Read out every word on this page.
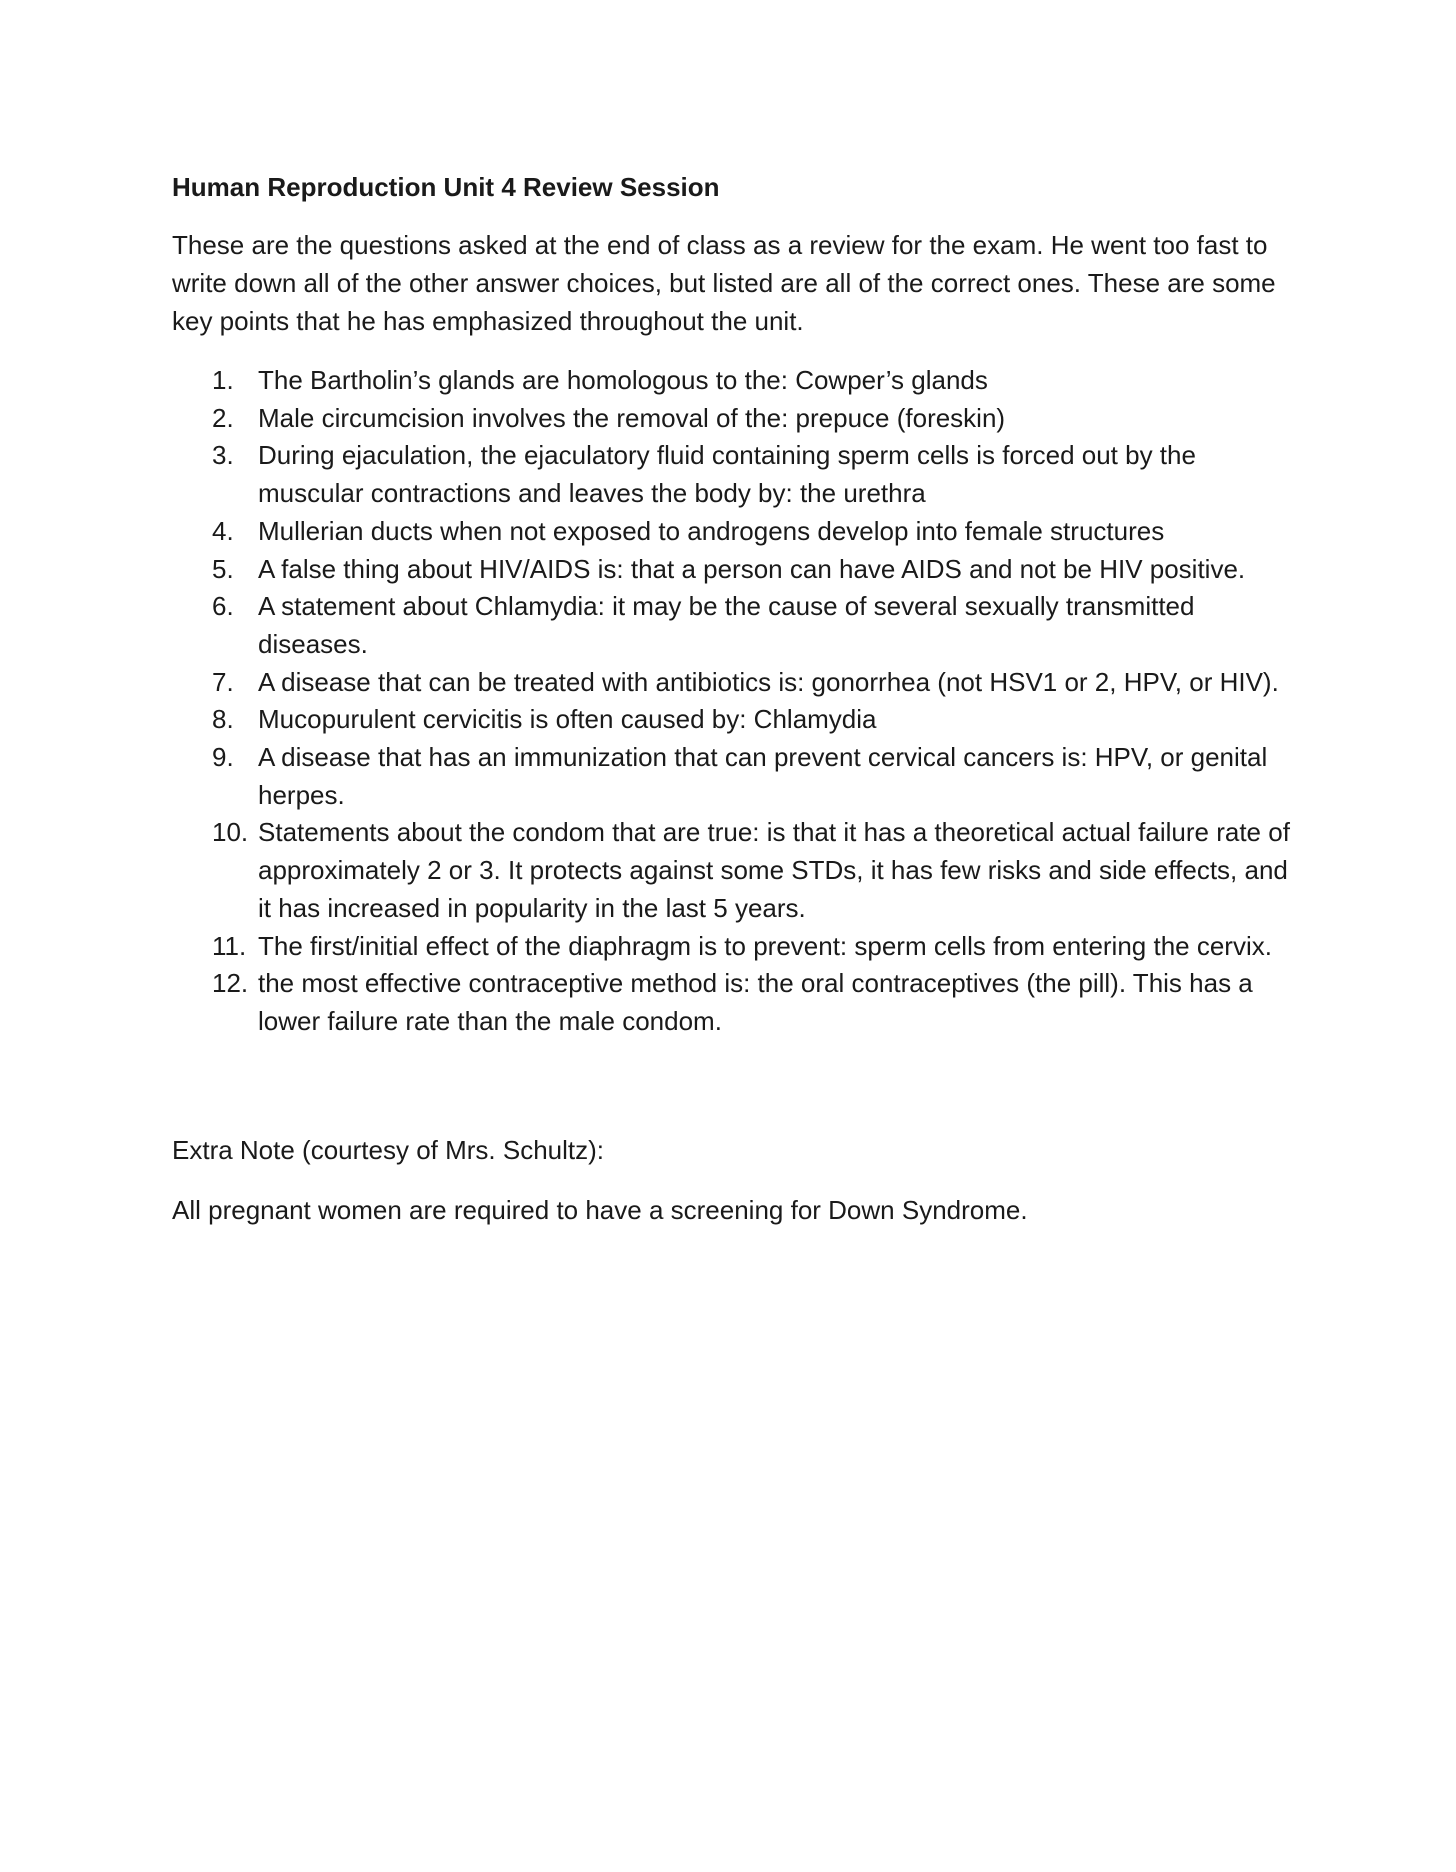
Human Reproduction Unit 4 Review Session
These are the questions asked at the end of class as a review for the exam. He went too fast to write down all of the other answer choices, but listed are all of the correct ones. These are some key points that he has emphasized throughout the unit.
1. The Bartholin’s glands are homologous to the: Cowper’s glands
2. Male circumcision involves the removal of the: prepuce (foreskin)
3. During ejaculation, the ejaculatory fluid containing sperm cells is forced out by the muscular contractions and leaves the body by: the urethra
4. Mullerian ducts when not exposed to androgens develop into female structures
5. A false thing about HIV/AIDS is: that a person can have AIDS and not be HIV positive.
6. A statement about Chlamydia: it may be the cause of several sexually transmitted diseases.
7. A disease that can be treated with antibiotics is: gonorrhea (not HSV1 or 2, HPV, or HIV).
8. Mucopurulent cervicitis is often caused by: Chlamydia
9. A disease that has an immunization that can prevent cervical cancers is: HPV, or genital herpes.
10. Statements about the condom that are true: is that it has a theoretical actual failure rate of approximately 2 or 3. It protects against some STDs, it has few risks and side effects, and it has increased in popularity in the last 5 years.
11. The first/initial effect of the diaphragm is to prevent: sperm cells from entering the cervix.
12. the most effective contraceptive method is: the oral contraceptives (the pill). This has a lower failure rate than the male condom.
Extra Note (courtesy of Mrs. Schultz):
All pregnant women are required to have a screening for Down Syndrome.
